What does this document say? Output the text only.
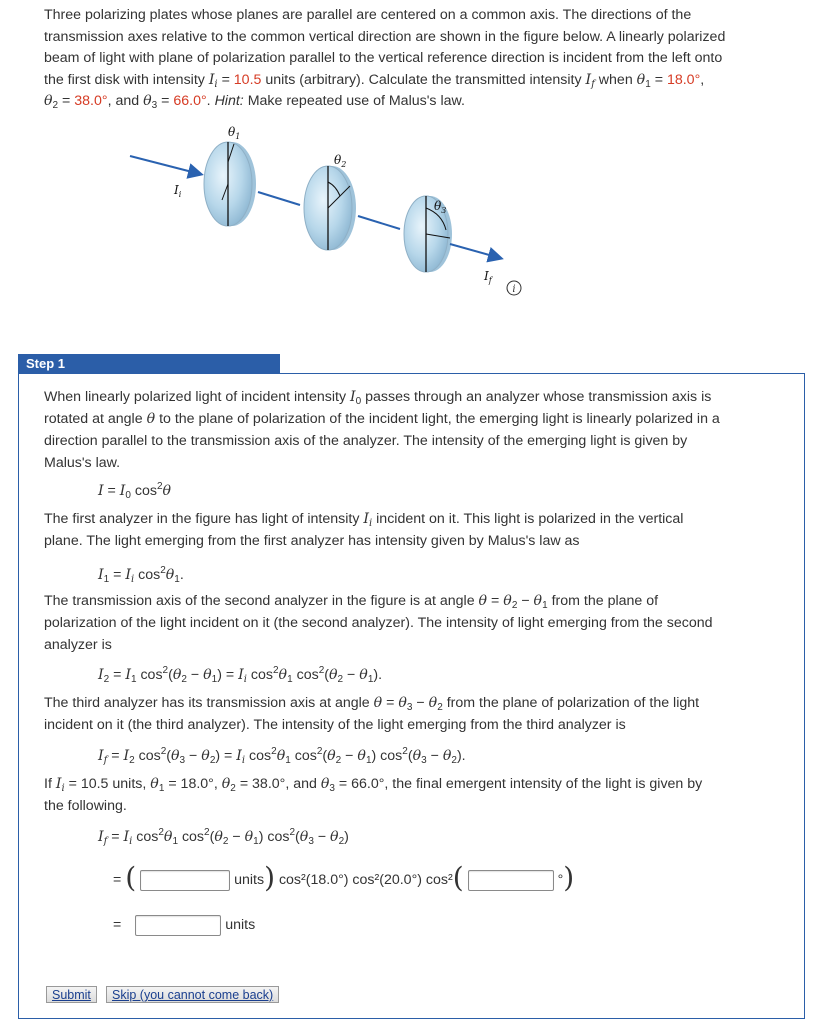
Three polarizing plates whose planes are parallel are centered on a common axis. The directions of the
transmission axes relative to the common vertical direction are shown in the figure below. A linearly polarized
beam of light with plane of polarization parallel to the vertical reference direction is incident from the left onto
the first disk with intensity $I_i = 10.5$ units (arbitrary). Calculate the transmitted intensity $I_f$ when $\theta_1 = 18.0^\circ$,
$\theta_2 = 38.0^\circ$, and $\theta_3 = 66.0^\circ$. Hint: Make repeated use of Malus's law.
$\theta_1$
$\theta_2$
$\theta_3$
$I_i$
$I_f$
i
Step 1
When linearly polarized light of incident intensity $I_0$ passes through an analyzer whose transmission axis is
rotated at angle θ to the plane of polarization of the incident light, the emerging light is linearly polarized in a
direction parallel to the transmission axis of the analyzer. The intensity of the emerging light is given by
Malus's law.
$I = I_0$ $\cos^2\theta$
The first analyzer in the figure has light of intensity $I_i$ incident on it. This light is polarized in the vertical
plane. The light emerging from the first analyzer has intensity given by Malus's law as
$I_1 = I_i$ $\cos^2\theta_1$.
The transmission axis of the second analyzer in the figure is at angle $\theta = \theta_2 - \theta_1$ from the plane of
polarization of the light incident on it (the second analyzer). The intensity of light emerging from the second
analyzer is
$I_2 = I_1$ $\cos^2(\theta_2 - \theta_1) = I_i$ $\cos^2\theta_1$ $\cos^2(\theta_2 - \theta_1)$.
The third analyzer has its transmission axis at angle $\theta = \theta_3 - \theta_2$ from the plane of polarization of the light
incident on it (the third analyzer). The intensity of the light emerging from the third analyzer is
$I_f = I_2$ $\cos^2(\theta_3 - \theta_2) = I_i$ $\cos^2\theta_1$ $\cos^2(\theta_2 - \theta_1) \cos^2(\theta_3 - \theta_2)$.
If $I_i = 10.5$ units, $\theta_1 = 18.0^\circ$, $\theta_2 = 38.0^\circ$, and $\theta_3 = 66.0^\circ$, the final emergent intensity of the light is given by
the following.
$I_f = I_i$ $\cos^2\theta_1$ $\cos^2(\theta_2 - \theta_1) \cos^2(\theta_3 - \theta_2)$
= (	units) cos²(18.0°) cos²(20.0°) cos²(	°)
=	units
Submit	Skip (you cannot come back)
